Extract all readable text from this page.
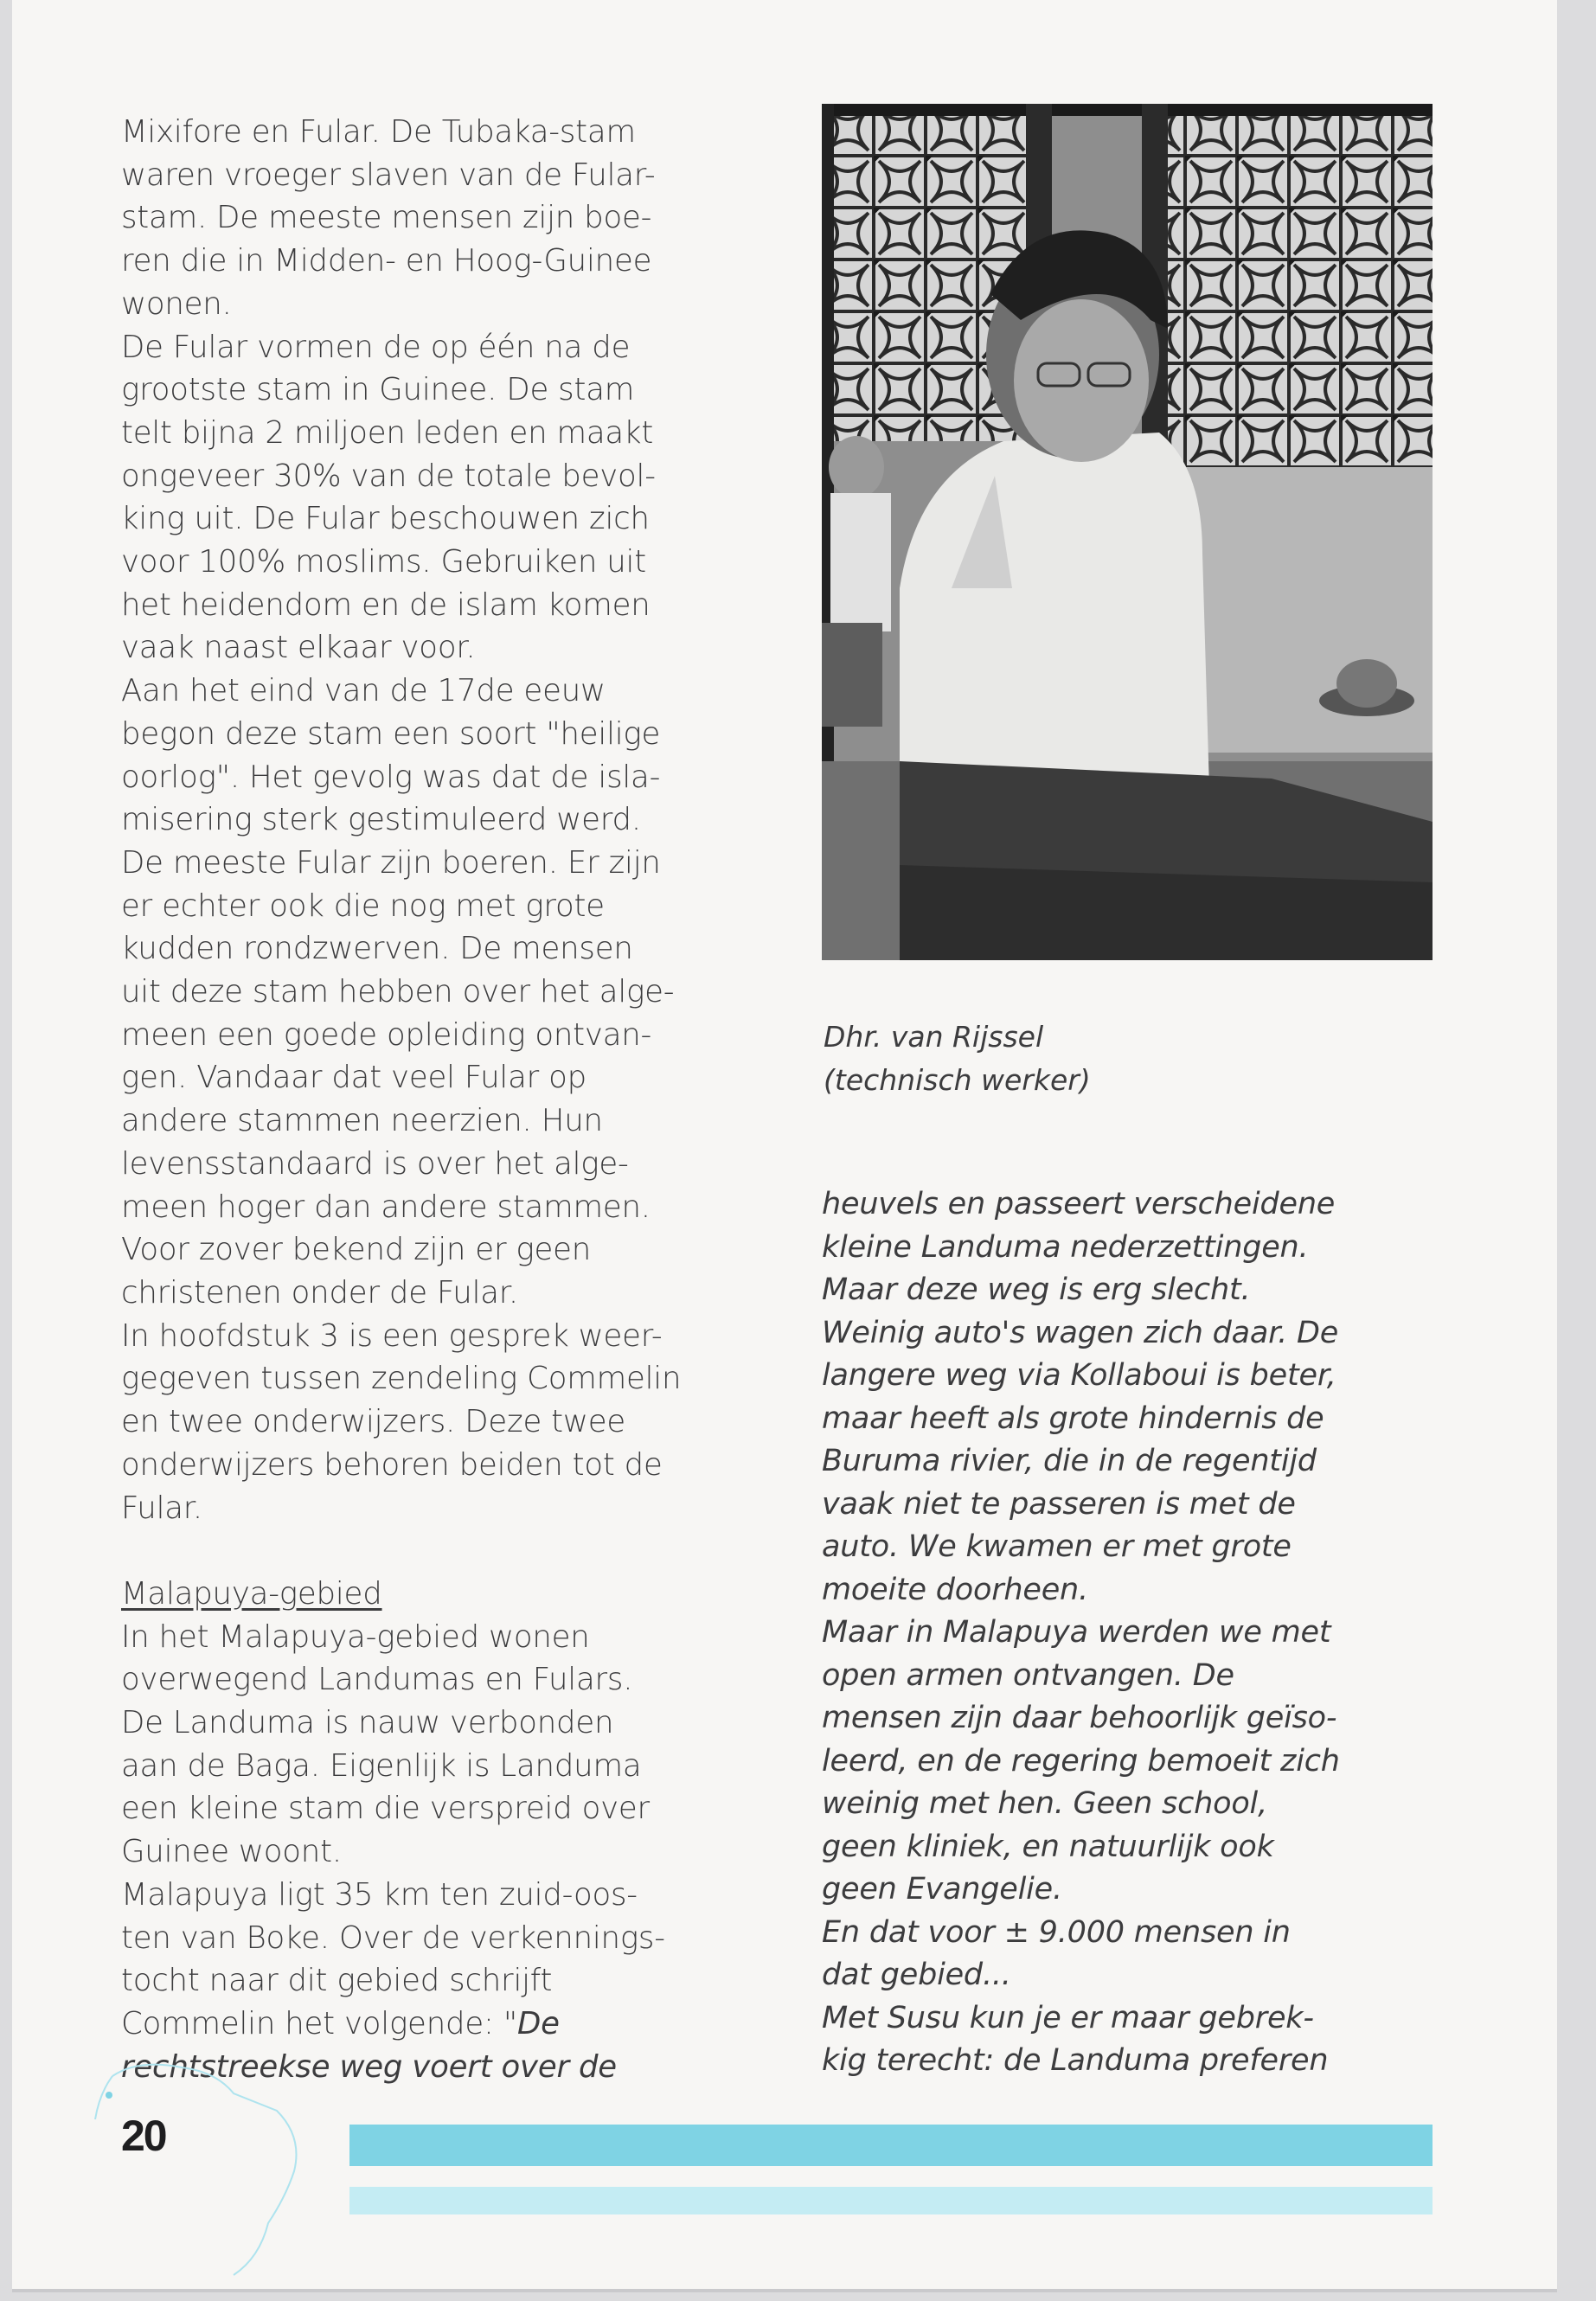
Mixifore en Fular. De Tubaka-stam
waren vroeger slaven van de Fular-
stam. De meeste mensen zijn boe-
ren die in Midden- en Hoog-Guinee
wonen.
De Fular vormen de op één na de
grootste stam in Guinee. De stam
telt bijna 2 miljoen leden en maakt
ongeveer 30% van de totale bevol-
king uit. De Fular beschouwen zich
voor 100% moslims. Gebruiken uit
het heidendom en de islam komen
vaak naast elkaar voor.
Aan het eind van de 17de eeuw
begon deze stam een soort "heilige
oorlog". Het gevolg was dat de isla-
misering sterk gestimuleerd werd.
De meeste Fular zijn boeren. Er zijn
er echter ook die nog met grote
kudden rondzwerven. De mensen
uit deze stam hebben over het alge-
meen een goede opleiding ontvan-
gen. Vandaar dat veel Fular op
andere stammen neerzien. Hun
levensstandaard is over het alge-
meen hoger dan andere stammen.
Voor zover bekend zijn er geen
christenen onder de Fular.
In hoofdstuk 3 is een gesprek weer-
gegeven tussen zendeling Commelin
en twee onderwijzers. Deze twee
onderwijzers behoren beiden tot de
Fular.
Malapuya-gebied
In het Malapuya-gebied wonen
overwegend Landumas en Fulars.
De Landuma is nauw verbonden
aan de Baga. Eigenlijk is Landuma
een kleine stam die verspreid over
Guinee woont.
Malapuya ligt 35 km ten zuid-oos-
ten van Boke. Over de verkennings-
tocht naar dit gebied schrijft
Commelin het volgende: "De
rechtstreekse weg voert over de
Dhr. van Rijssel
(technisch werker)
heuvels en passeert verscheidene
kleine Landuma nederzettingen.
Maar deze weg is erg slecht.
Weinig auto's wagen zich daar. De
langere weg via Kollaboui is beter,
maar heeft als grote hindernis de
Buruma rivier, die in de regentijd
vaak niet te passeren is met de
auto. We kwamen er met grote
moeite doorheen.
Maar in Malapuya werden we met
open armen ontvangen. De
mensen zijn daar behoorlijk geïso-
leerd, en de regering bemoeit zich
weinig met hen. Geen school,
geen kliniek, en natuurlijk ook
geen Evangelie.
En dat voor ± 9.000 mensen in
dat gebied...
Met Susu kun je er maar gebrek-
kig terecht: de Landuma preferen
20
